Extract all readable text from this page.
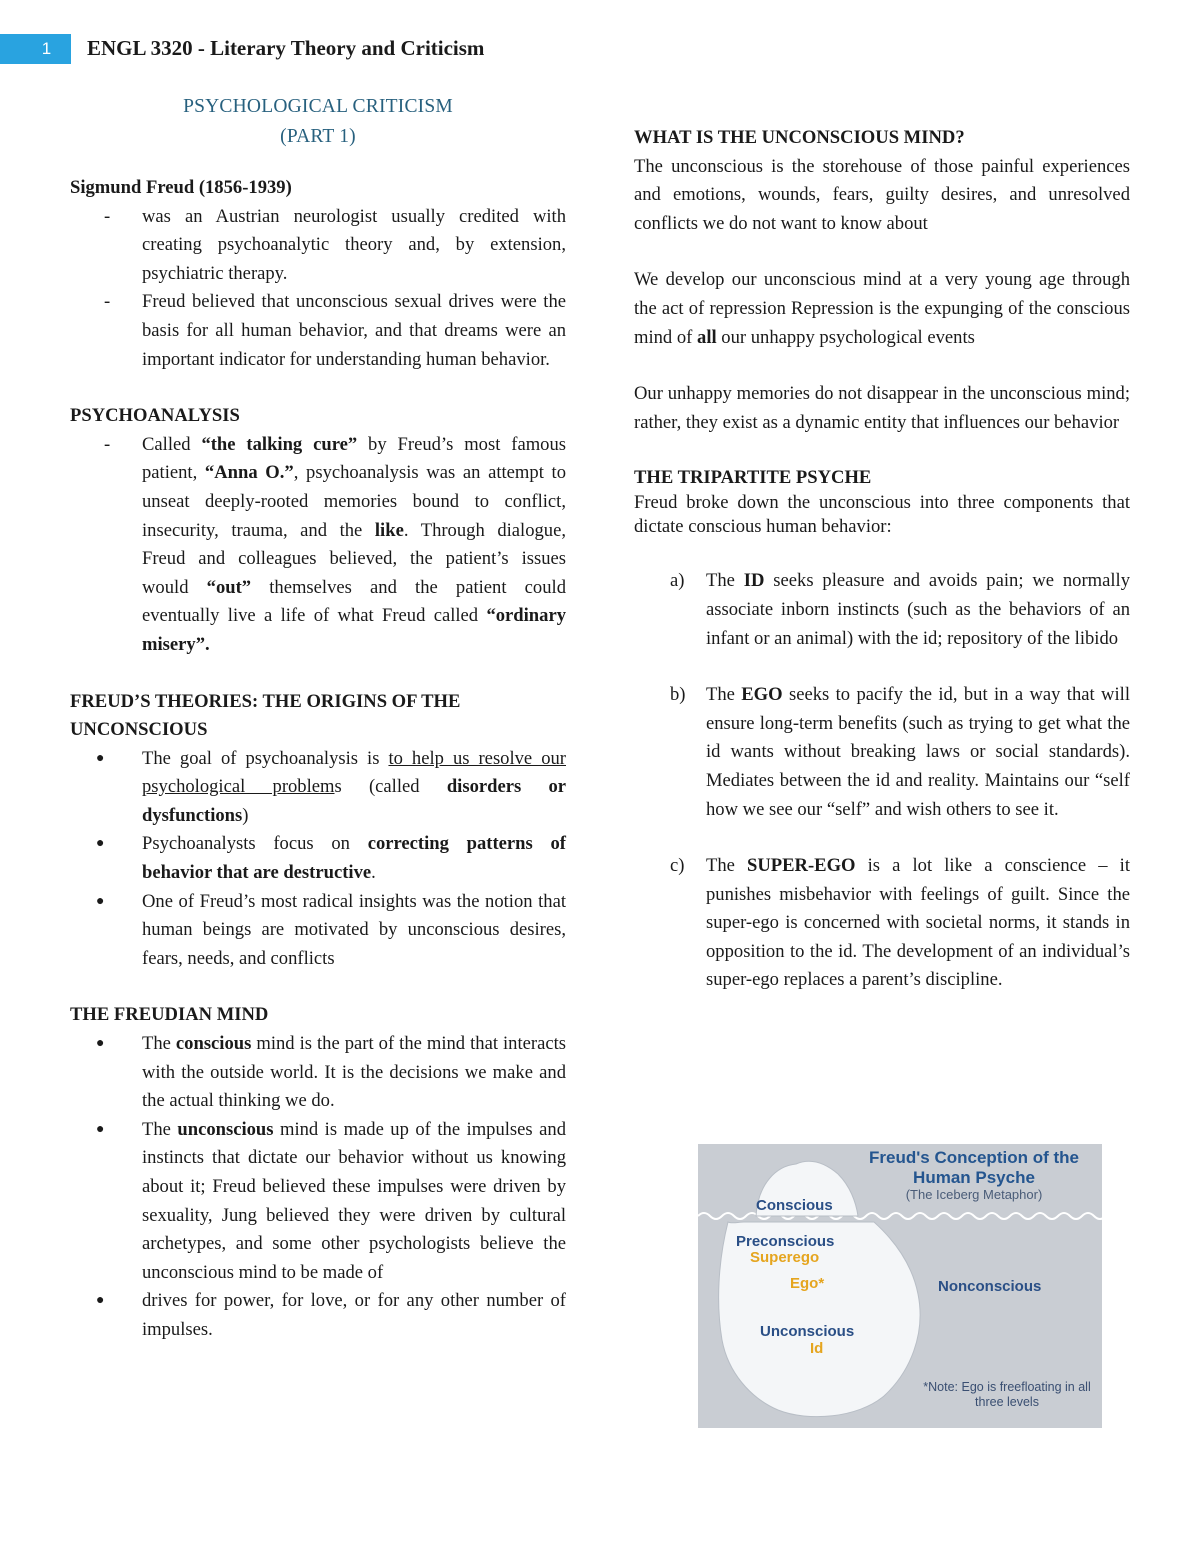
1	ENGL 3320 - Literary Theory and Criticism
PSYCHOLOGICAL CRITICISM
(PART 1)
Sigmund Freud (1856-1939)
- was an Austrian neurologist usually credited with creating psychoanalytic theory and, by extension, psychiatric therapy.
- Freud believed that unconscious sexual drives were the basis for all human behavior, and that dreams were an important indicator for understanding human behavior.
PSYCHOANALYSIS
- Called “the talking cure” by Freud’s most famous patient, “Anna O.”, psychoanalysis was an attempt to unseat deeply-rooted memories bound to conflict, insecurity, trauma, and the like. Through dialogue, Freud and colleagues believed, the patient’s issues would “out” themselves and the patient could eventually live a life of what Freud called “ordinary misery”.
FREUD’S THEORIES: THE ORIGINS OF THE UNCONSCIOUS
● The goal of psychoanalysis is to help us resolve our psychological problems (called disorders or dysfunctions)
● Psychoanalysts focus on correcting patterns of behavior that are destructive.
● One of Freud’s most radical insights was the notion that human beings are motivated by unconscious desires, fears, needs, and conflicts
THE FREUDIAN MIND
● The conscious mind is the part of the mind that interacts with the outside world. It is the decisions we make and the actual thinking we do.
● The unconscious mind is made up of the impulses and instincts that dictate our behavior without us knowing about it; Freud believed these impulses were driven by sexuality, Jung believed they were driven by cultural archetypes, and some other psychologists believe the unconscious mind to be made of
● drives for power, for love, or for any other number of impulses.
WHAT IS THE UNCONSCIOUS MIND?

The unconscious is the storehouse of those painful experiences and emotions, wounds, fears, guilty desires, and unresolved conflicts we do not want to know about

We develop our unconscious mind at a very young age through the act of repression Repression is the expunging of the conscious mind of all our unhappy psychological events

Our unhappy memories do not disappear in the unconscious mind; rather, they exist as a dynamic entity that influences our behavior

THE TRIPARTITE PSYCHE

Freud broke down the unconscious into three components that dictate conscious human behavior:

a) The ID seeks pleasure and avoids pain; we normally associate inborn instincts (such as the behaviors of an infant or an animal) with the id; repository of the libido
b) The EGO seeks to pacify the id, but in a way that will ensure long-term benefits (such as trying to get what the id wants without breaking laws or social standards). Mediates between the id and reality. Maintains our “self how we see our “self” and wish others to see it.
c) The SUPER-EGO is a lot like a conscience – it punishes misbehavior with feelings of guilt. Since the super-ego is concerned with societal norms, it stands in opposition to the id. The development of an individual’s super-ego replaces a parent’s discipline.
Freud's Conception of the Human Psyche
(The Iceberg Metaphor)
Conscious
Preconscious
Superego
Ego*	Nonconscious
Unconscious
Id
*Note: Ego is freefloating in all three levels
